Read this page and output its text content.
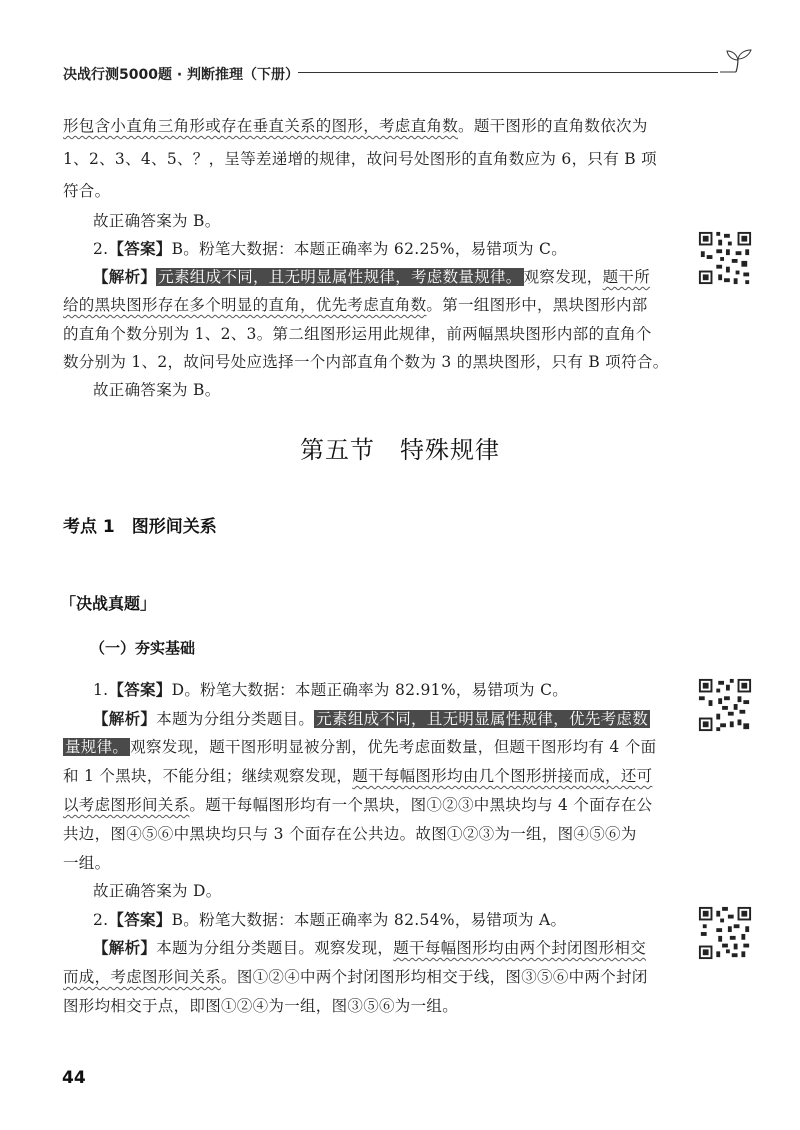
决战行测5000题 · 判断推理（下册）
形包含小直角三角形或存在垂直关系的图形，考虑直角数。题干图形的直角数依次为
1、2、3、4、5、？，呈等差递增的规律，故问号处图形的直角数应为 6，只有 B 项
符合。
故正确答案为 B。
2.【答案】B。粉笔大数据：本题正确率为 62.25%，易错项为 C。
【解析】 元素组成不同，且无明显属性规律，考虑数量规律。 观察发现，题干所
给的黑块图形存在多个明显的直角，优先考虑直角数。第一组图形中，黑块图形内部
的直角个数分别为 1、2、3。第二组图形运用此规律，前两幅黑块图形内部的直角个
数分别为 1、2，故问号处应选择一个内部直角个数为 3 的黑块图形，只有 B 项符合。
故正确答案为 B。
第五节　特殊规律
考点 1　图形间关系
「决战真题」
（一）夯实基础
1.【答案】D。粉笔大数据：本题正确率为 82.91%，易错项为 C。
【解析】本题为分组分类题目。 元素组成不同，且无明显属性规律，优先考虑数
量规律。 观察发现，题干图形明显被分割，优先考虑面数量，但题干图形均有 4 个面
和 1 个黑块，不能分组；继续观察发现，题干每幅图形均由几个图形拼接而成，还可
以考虑图形间关系。题干每幅图形均有一个黑块，图①②③中黑块均与 4 个面存在公
共边，图④⑤⑥中黑块均只与 3 个面存在公共边。故图①②③为一组，图④⑤⑥为
一组。
故正确答案为 D。
2.【答案】B。粉笔大数据：本题正确率为 82.54%，易错项为 A。
【解析】本题为分组分类题目。观察发现，题干每幅图形均由两个封闭图形相交
而成，考虑图形间关系。图①②④中两个封闭图形均相交于线，图③⑤⑥中两个封闭
图形均相交于点，即图①②④为一组，图③⑤⑥为一组。
44
